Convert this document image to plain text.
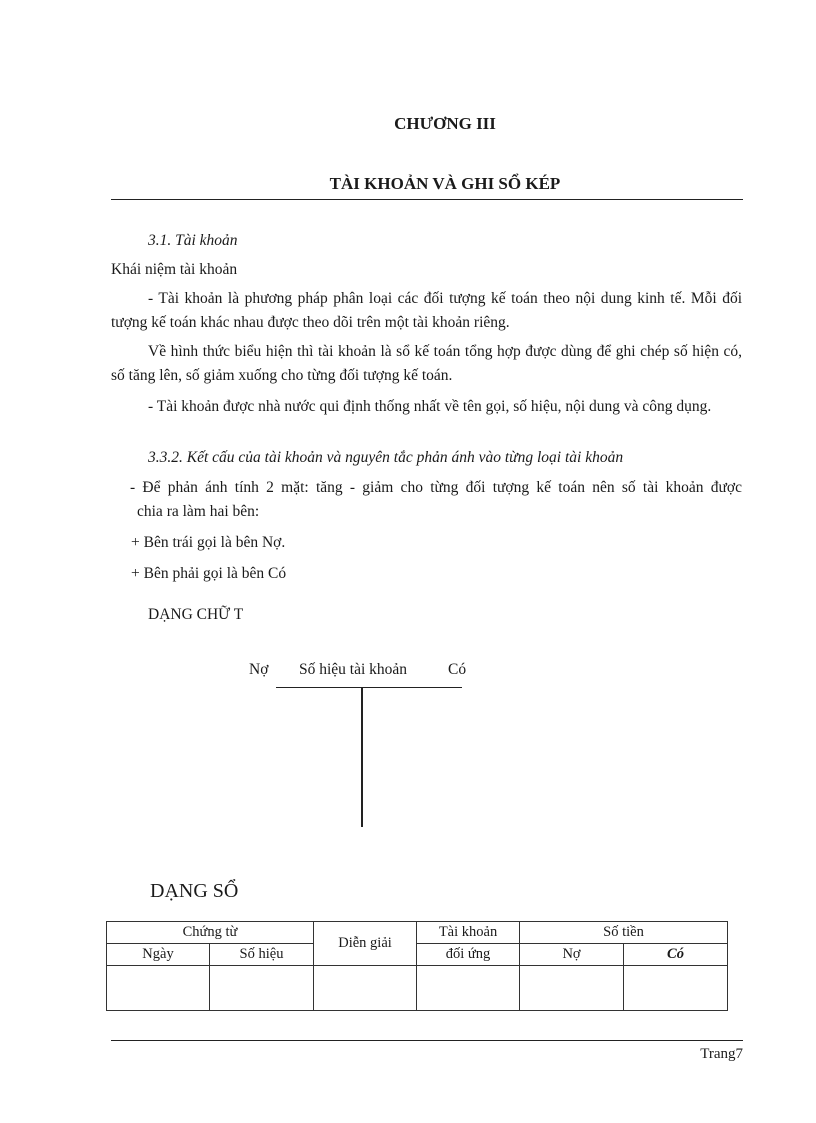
CHƯƠNG III
TÀI KHOẢN VÀ GHI SỔ KÉP
3.1. Tài khoản
Khái niệm tài khoản
- Tài khoản là phương pháp phân loại các đối tượng kế toán theo nội dung kinh tế. Mỗi đối tượng kế toán khác nhau được theo dõi trên một tài khoản riêng.
Về hình thức biểu hiện thì tài khoản là sổ kế toán tổng hợp được dùng để ghi chép số hiện có, số tăng lên, số giảm xuống cho từng đối tượng kế toán.
- Tài khoản được nhà nước qui định thống nhất về tên gọi, số hiệu, nội dung và công dụng.
3.3.2. Kết cấu của tài khoản và nguyên tắc phản ánh vào từng loại tài khoản
- Để phản ánh tính 2 mặt: tăng - giảm cho từng đối tượng kế toán nên số tài khoản được
chia ra làm hai bên:
+ Bên trái gọi là bên Nợ.
+ Bên phải gọi là bên Có
DẠNG CHỮ T
Nợ Số hiệu tài khoản	Có
DẠNG SỔ
Chứng từ		Diễn giải	Tài khoản	Số tiền	
Ngày	Số hiệu		đối ứng	Nợ	Có

Trang7
